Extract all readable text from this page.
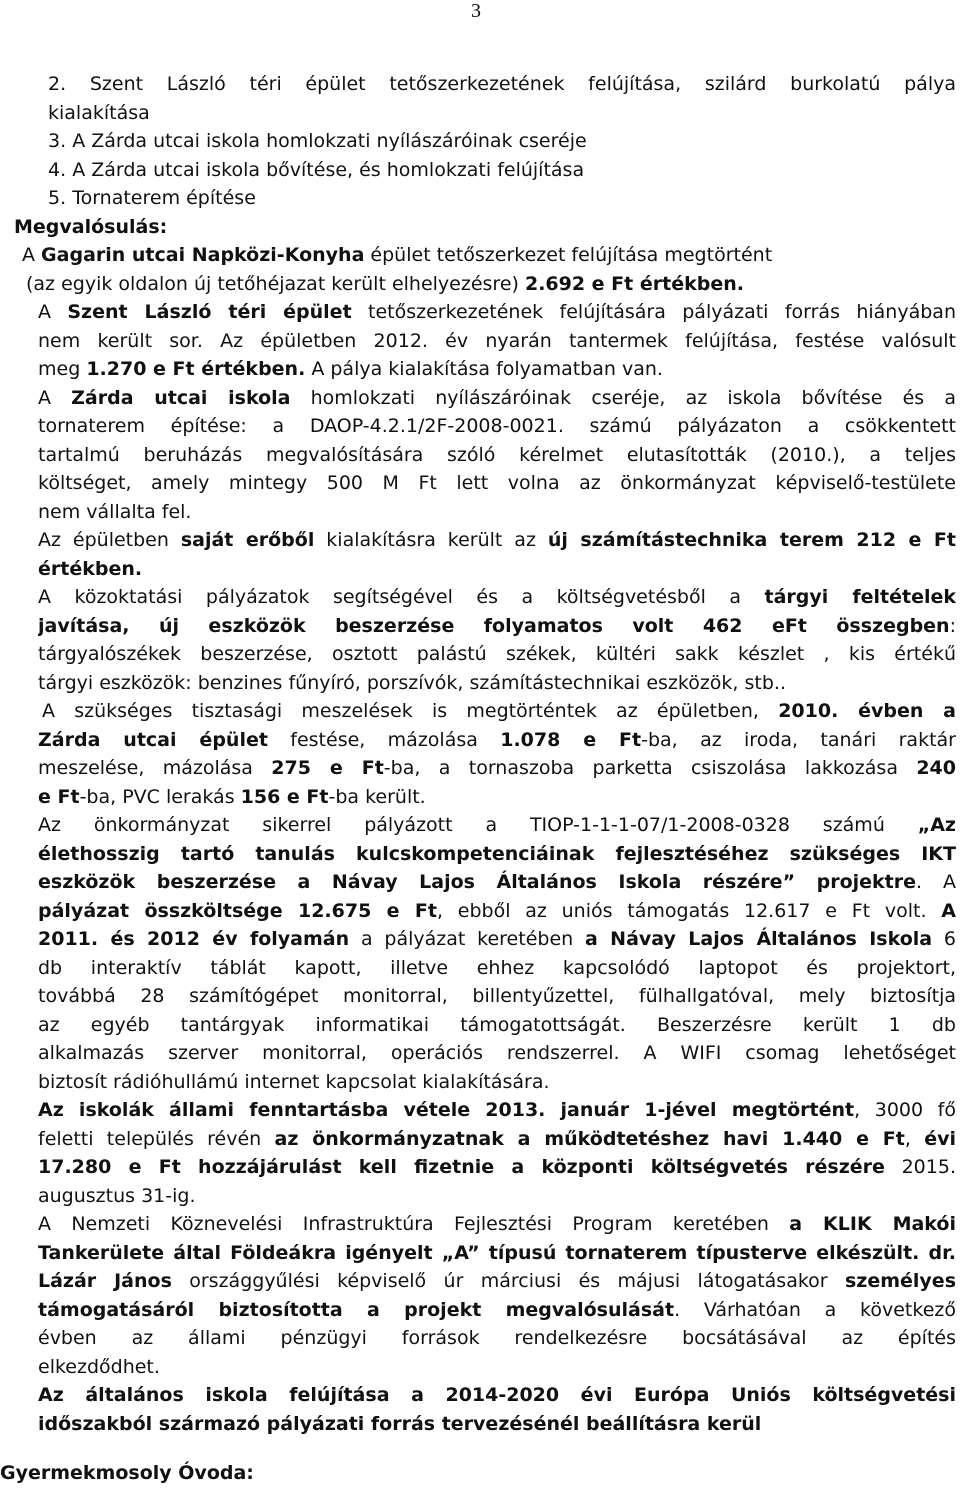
3
2. Szent László téri épület tetőszerkezetének felújítása, szilárd burkolatú pálya
kialakítása
3. A Zárda utcai iskola homlokzati nyílászáróinak cseréje
4. A Zárda utcai iskola bővítése, és homlokzati felújítása
5. Tornaterem építése
Megvalósulás:
A Gagarin utcai Napközi-Konyha épület tetőszerkezet felújítása megtörtént
(az egyik oldalon új tetőhéjazat került elhelyezésre) 2.692 e Ft értékben.
A Szent László téri épület tetőszerkezetének felújítására pályázati forrás hiányában
nem került sor. Az épületben 2012. év nyarán tantermek felújítása, festése valósult
meg 1.270 e Ft értékben. A pálya kialakítása folyamatban van.
A Zárda utcai iskola homlokzati nyílászáróinak cseréje, az iskola bővítése és a
tornaterem építése: a DAOP-4.2.1/2F-2008-0021. számú pályázaton a csökkentett
tartalmú beruházás megvalósítására szóló kérelmet elutasították (2010.), a teljes
költséget, amely mintegy 500 M Ft lett volna az önkormányzat képviselő-testülete
nem vállalta fel.
Az épületben saját erőből kialakításra került az új számítástechnika terem 212 e Ft
értékben.
A közoktatási pályázatok segítségével és a költségvetésből a tárgyi feltételek
javítása, új eszközök beszerzése folyamatos volt 462 eFt összegben:
tárgyalószékek beszerzése, osztott palástú székek, kültéri sakk készlet , kis értékű
tárgyi eszközök: benzines fűnyíró, porszívók, számítástechnikai eszközök, stb..
A szükséges tisztasági meszelések is megtörténtek az épületben, 2010. évben a
Zárda utcai épület festése, mázolása 1.078 e Ft-ba, az iroda, tanári raktár
meszelése, mázolása 275 e Ft-ba, a tornaszoba parketta csiszolása lakkozása 240
e Ft-ba, PVC lerakás 156 e Ft-ba került.
Az önkormányzat sikerrel pályázott a TIOP-1-1-1-07/1-2008-0328 számú „Az
élethosszig tartó tanulás kulcskompetenciáinak fejlesztéséhez szükséges IKT
eszközök beszerzése a Návay Lajos Általános Iskola részére” projektre. A
pályázat összköltsége 12.675 e Ft, ebből az uniós támogatás 12.617 e Ft volt. A
2011. és 2012 év folyamán a pályázat keretében a Návay Lajos Általános Iskola 6
db interaktív táblát kapott, illetve ehhez kapcsolódó laptopot és projektort,
továbbá 28 számítógépet monitorral, billentyűzettel, fülhallgatóval, mely biztosítja
az egyéb tantárgyak informatikai támogatottságát. Beszerzésre került 1 db
alkalmazás szerver monitorral, operációs rendszerrel. A WIFI csomag lehetőséget
biztosít rádióhullámú internet kapcsolat kialakítására.
Az iskolák állami fenntartásba vétele 2013. január 1-jével megtörtént, 3000 fő
feletti település révén az önkormányzatnak a működtetéshez havi 1.440 e Ft, évi
17.280 e Ft hozzájárulást kell fizetnie a központi költségvetés részére 2015.
augusztus 31-ig.
A Nemzeti Köznevelési Infrastruktúra Fejlesztési Program keretében a KLIK Makói
Tankerülete által Földeákra igényelt „A” típusú tornaterem típusterve elkészült. dr.
Lázár János országgyűlési képviselő úr márciusi és májusi látogatásakor személyes
támogatásáról biztosította a projekt megvalósulását. Várhatóan a következő
évben az állami pénzügyi források rendelkezésre bocsátásával az építés
elkezdődhet.
Az általános iskola felújítása a 2014-2020 évi Európa Uniós költségvetési
időszakból származó pályázati forrás tervezésénél beállításra kerül
Gyermekmosoly Óvoda:
